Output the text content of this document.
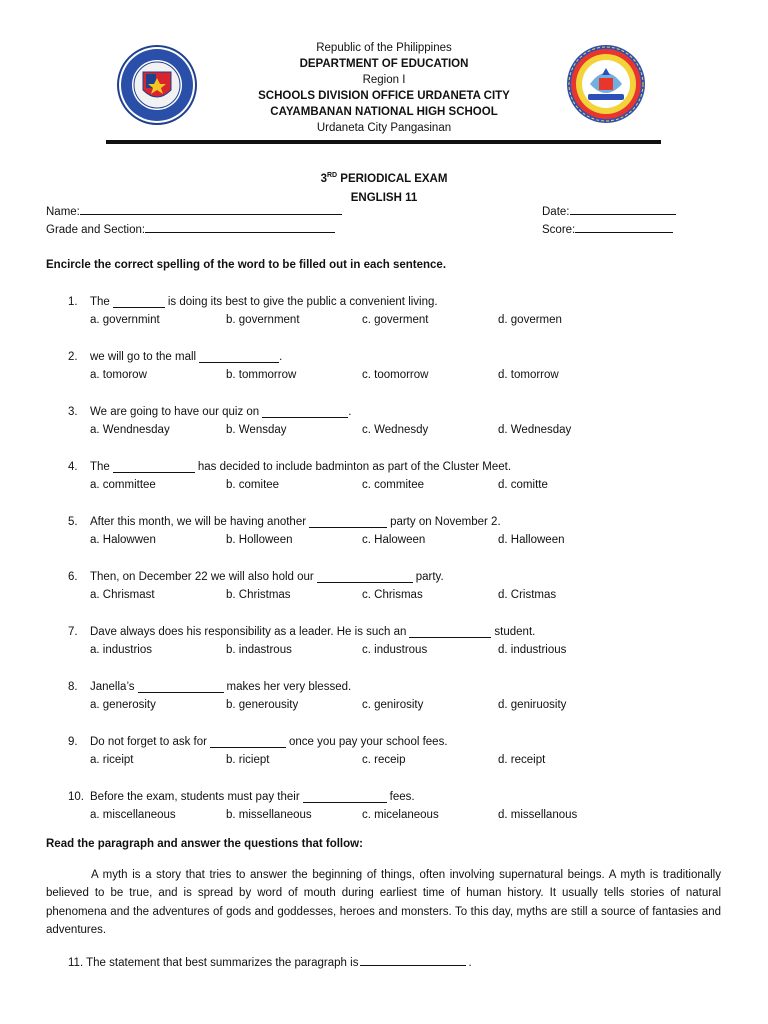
Republic of the Philippines
DEPARTMENT OF EDUCATION
Region I
SCHOOLS DIVISION OFFICE URDANETA CITY
CAYAMBANAN NATIONAL HIGH SCHOOL
Urdaneta City Pangasinan
3RD PERIODICAL EXAM
ENGLISH 11
Name:
Grade and Section:
Date:
Score:
Encircle the correct spelling of the word to be filled out in each sentence.
1.	The	is doing its best to give the public a convenient living.
a. governmint	b. government	c. goverment	d. govermen
2.	we will go to the mall	.
a. tomorow	b. tommorrow	c. toomorrow	d. tomorrow
3.	We are going to have our quiz on	.
a. Wendnesday	b. Wensday	c. Wednesdy	d. Wednesday
4.	The	has decided to include badminton as part of the Cluster Meet.
a. committee	b. comitee	c. commitee	d. comitte
5.	After this month, we will be having another	party on November 2.
a. Halowwen	b. Holloween	c. Haloween	d. Halloween
6.	Then, on December 22 we will also hold our	party.
a. Chrismast	b. Christmas	c. Chrismas	d. Cristmas
7.	Dave always does his responsibility as a leader. He is such an	student.
a. industrios	b. indastrous	c. industrous	d. industrious
8.	Janella’s	makes her very blessed.
a. generosity	b. generousity	c. genirosity	d. geniruosity
9.	Do not forget to ask for	once you pay your school fees.
a. riceipt	b. riciept	c. receip	d. receipt
10. Before the exam, students must pay their	fees.
a. miscellaneous	b. missellaneous	c. micelaneous	d. missellanous
Read the paragraph and answer the questions that follow:
A myth is a story that tries to answer the beginning of things, often involving supernatural beings. A myth is traditionally believed to be true, and is spread by word of mouth during earliest time of human history. It usually tells stories of natural phenomena and the adventures of gods and goddesses, heroes and monsters. To this day, myths are still a source of fantasies and adventures.
11. The statement that best summarizes the paragraph is	.
